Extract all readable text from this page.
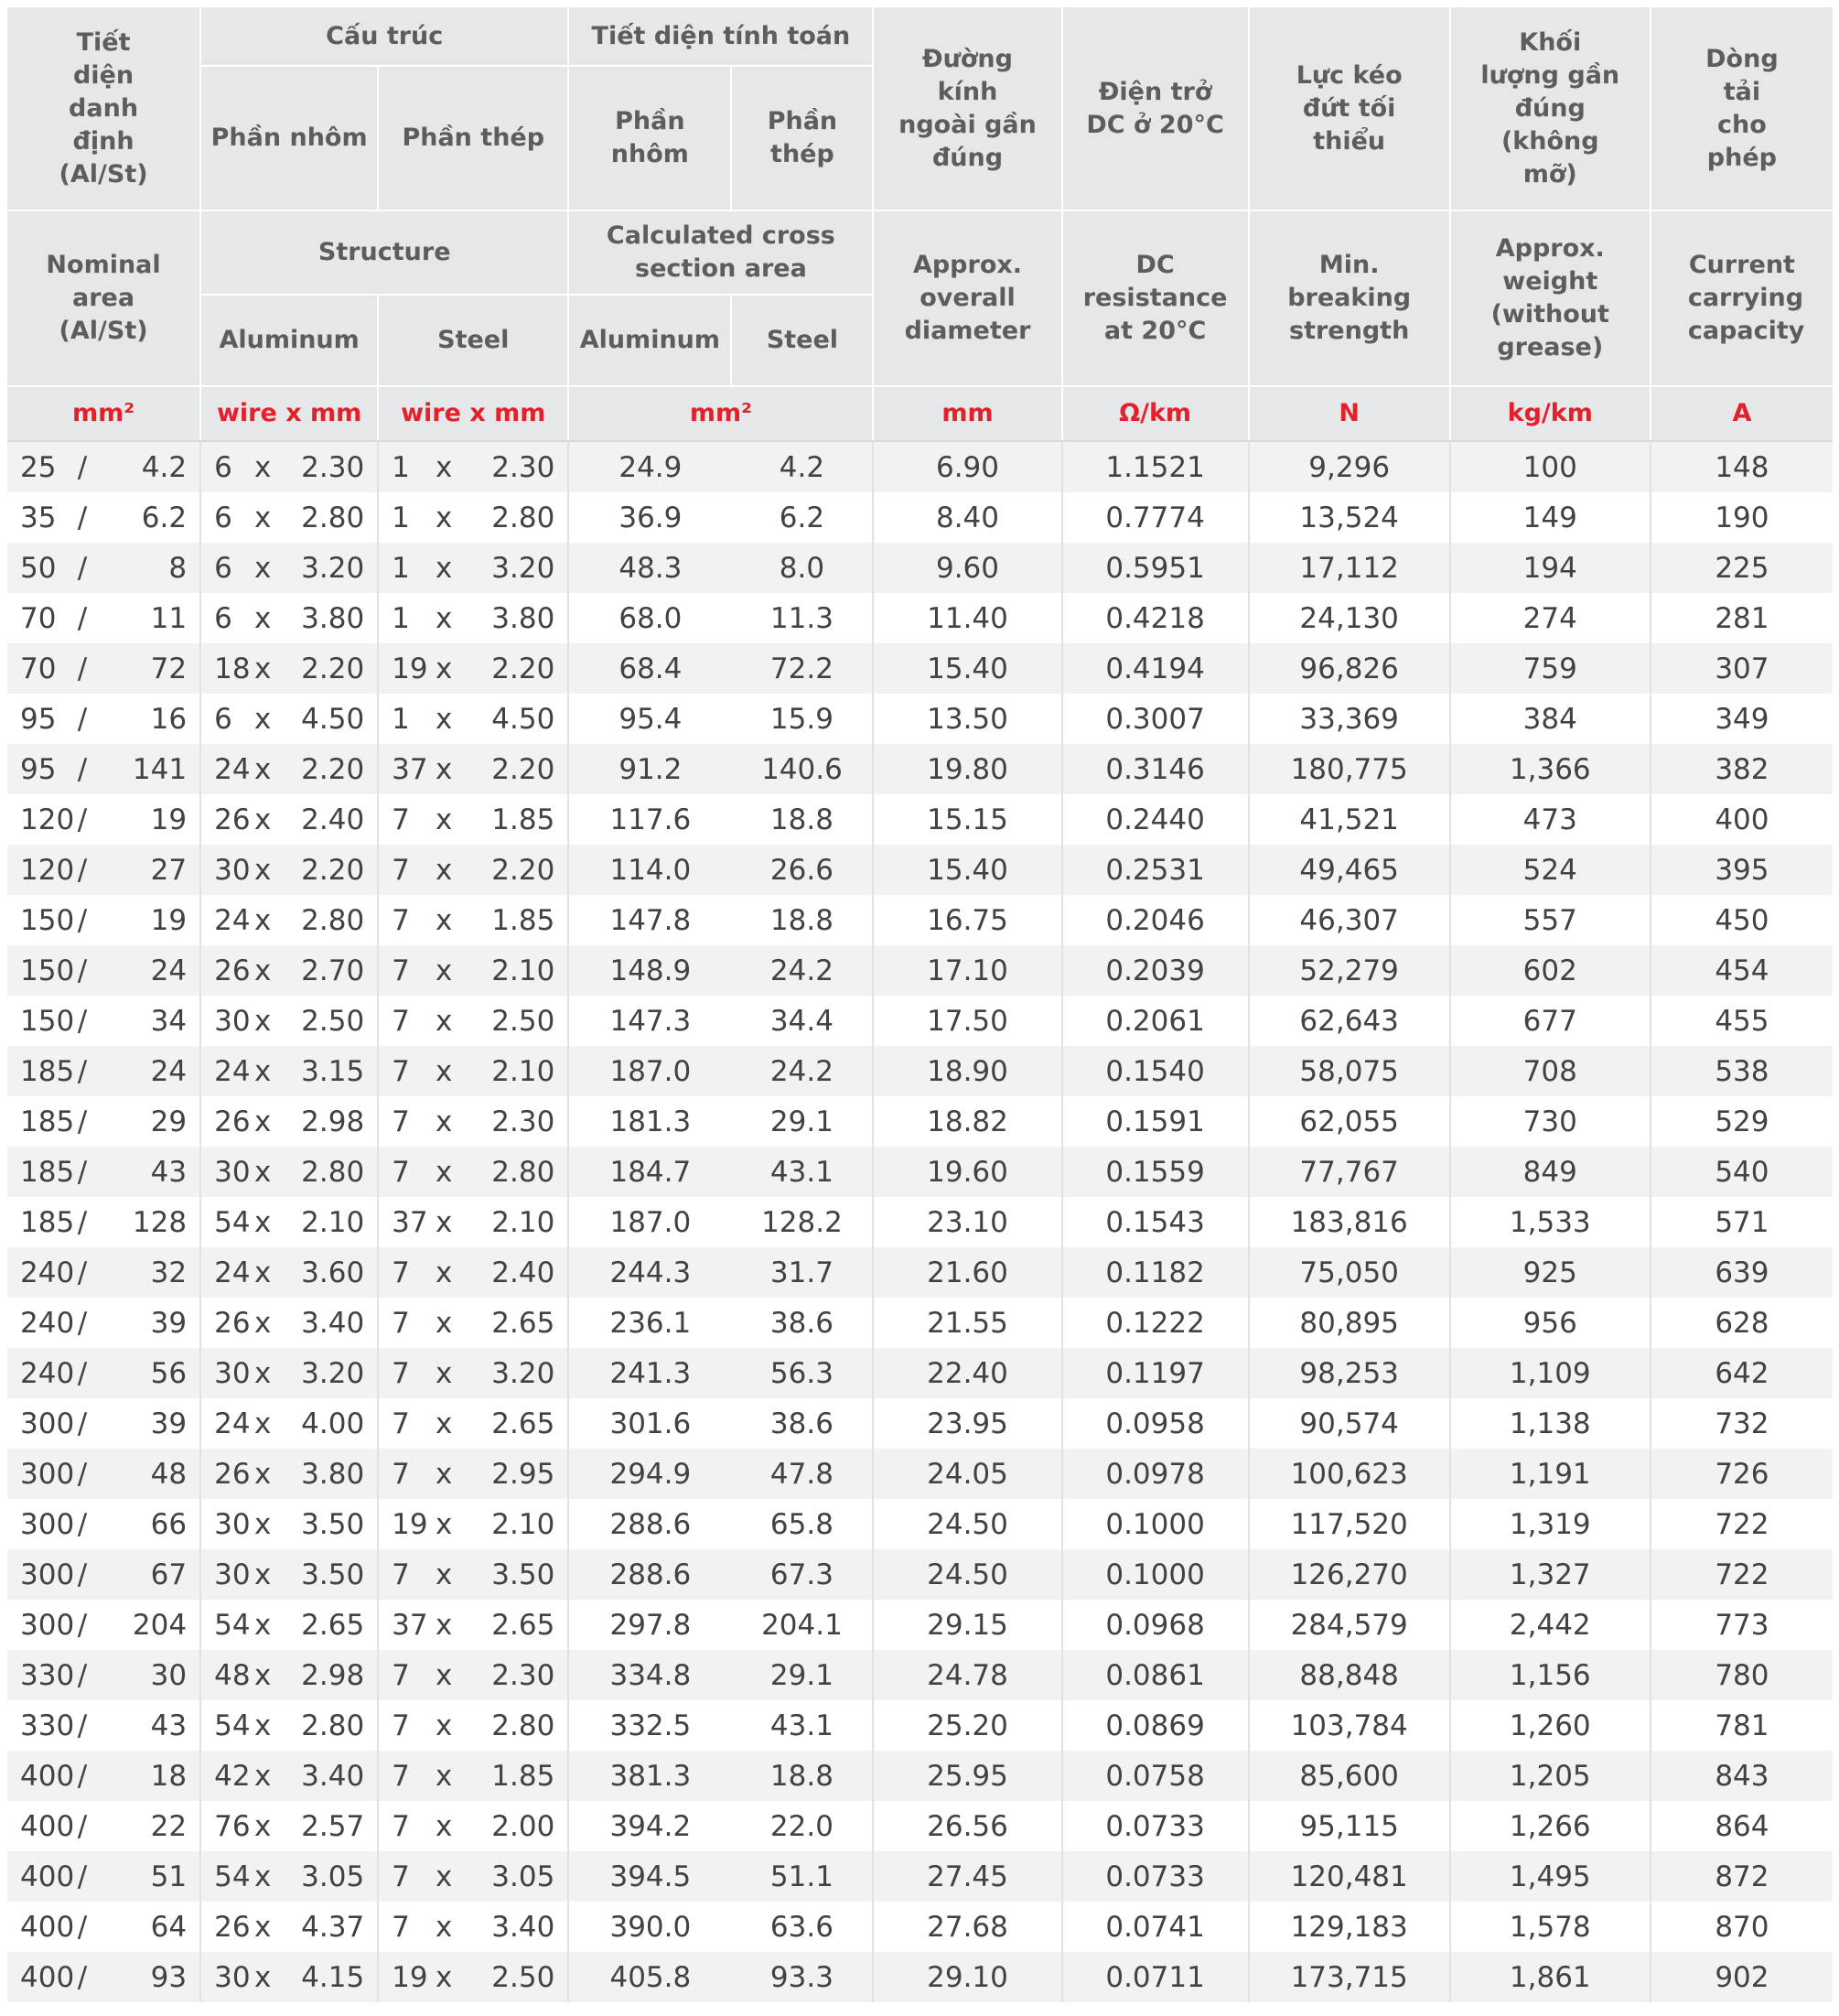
Tiết diện danh định (Al/St)			Cấu trúc						Tiết diện tính toán		Đường kính ngoài gần đúng	Điện trở DC ở 20°C	Lực kéo đứt tối thiểu	Khối lượng gần đúng (không mỡ)	Dòng tải cho phép
			Phần nhôm			Phần thép			Phần nhôm	Phần thép					
Nominal area (Al/St)			Structure						Calculated cross section area		Approx. overall diameter	DC resistance at 20°C	Min. breaking strength	Approx. weight (without grease)	Current carrying capacity
			Aluminum			Steel			Aluminum	Steel					
mm²			wire x mm			wire x mm			mm²		mm	Ω/km	N	kg/km	A
25	/	4.2	6	x	2.30	1	x	2.30	24.9	4.2	6.90	1.1521	9,296	100	148
35	/	6.2	6	x	2.80	1	x	2.80	36.9	6.2	8.40	0.7774	13,524	149	190
50	/	8	6	x	3.20	1	x	3.20	48.3	8.0	9.60	0.5951	17,112	194	225
70	/	11	6	x	3.80	1	x	3.80	68.0	11.3	11.40	0.4218	24,130	274	281
70	/	72	18	x	2.20	19	x	2.20	68.4	72.2	15.40	0.4194	96,826	759	307
95	/	16	6	x	4.50	1	x	4.50	95.4	15.9	13.50	0.3007	33,369	384	349
95	/	141	24	x	2.20	37	x	2.20	91.2	140.6	19.80	0.3146	180,775	1,366	382
120	/	19	26	x	2.40	7	x	1.85	117.6	18.8	15.15	0.2440	41,521	473	400
120	/	27	30	x	2.20	7	x	2.20	114.0	26.6	15.40	0.2531	49,465	524	395
150	/	19	24	x	2.80	7	x	1.85	147.8	18.8	16.75	0.2046	46,307	557	450
150	/	24	26	x	2.70	7	x	2.10	148.9	24.2	17.10	0.2039	52,279	602	454
150	/	34	30	x	2.50	7	x	2.50	147.3	34.4	17.50	0.2061	62,643	677	455
185	/	24	24	x	3.15	7	x	2.10	187.0	24.2	18.90	0.1540	58,075	708	538
185	/	29	26	x	2.98	7	x	2.30	181.3	29.1	18.82	0.1591	62,055	730	529
185	/	43	30	x	2.80	7	x	2.80	184.7	43.1	19.60	0.1559	77,767	849	540
185	/	128	54	x	2.10	37	x	2.10	187.0	128.2	23.10	0.1543	183,816	1,533	571
240	/	32	24	x	3.60	7	x	2.40	244.3	31.7	21.60	0.1182	75,050	925	639
240	/	39	26	x	3.40	7	x	2.65	236.1	38.6	21.55	0.1222	80,895	956	628
240	/	56	30	x	3.20	7	x	3.20	241.3	56.3	22.40	0.1197	98,253	1,109	642
300	/	39	24	x	4.00	7	x	2.65	301.6	38.6	23.95	0.0958	90,574	1,138	732
300	/	48	26	x	3.80	7	x	2.95	294.9	47.8	24.05	0.0978	100,623	1,191	726
300	/	66	30	x	3.50	19	x	2.10	288.6	65.8	24.50	0.1000	117,520	1,319	722
300	/	67	30	x	3.50	7	x	3.50	288.6	67.3	24.50	0.1000	126,270	1,327	722
300	/	204	54	x	2.65	37	x	2.65	297.8	204.1	29.15	0.0968	284,579	2,442	773
330	/	30	48	x	2.98	7	x	2.30	334.8	29.1	24.78	0.0861	88,848	1,156	780
330	/	43	54	x	2.80	7	x	2.80	332.5	43.1	25.20	0.0869	103,784	1,260	781
400	/	18	42	x	3.40	7	x	1.85	381.3	18.8	25.95	0.0758	85,600	1,205	843
400	/	22	76	x	2.57	7	x	2.00	394.2	22.0	26.56	0.0733	95,115	1,266	864
400	/	51	54	x	3.05	7	x	3.05	394.5	51.1	27.45	0.0733	120,481	1,495	872
400	/	64	26	x	4.37	7	x	3.40	390.0	63.6	27.68	0.0741	129,183	1,578	870
400	/	93	30	x	4.15	19	x	2.50	405.8	93.3	29.10	0.0711	173,715	1,861	902
